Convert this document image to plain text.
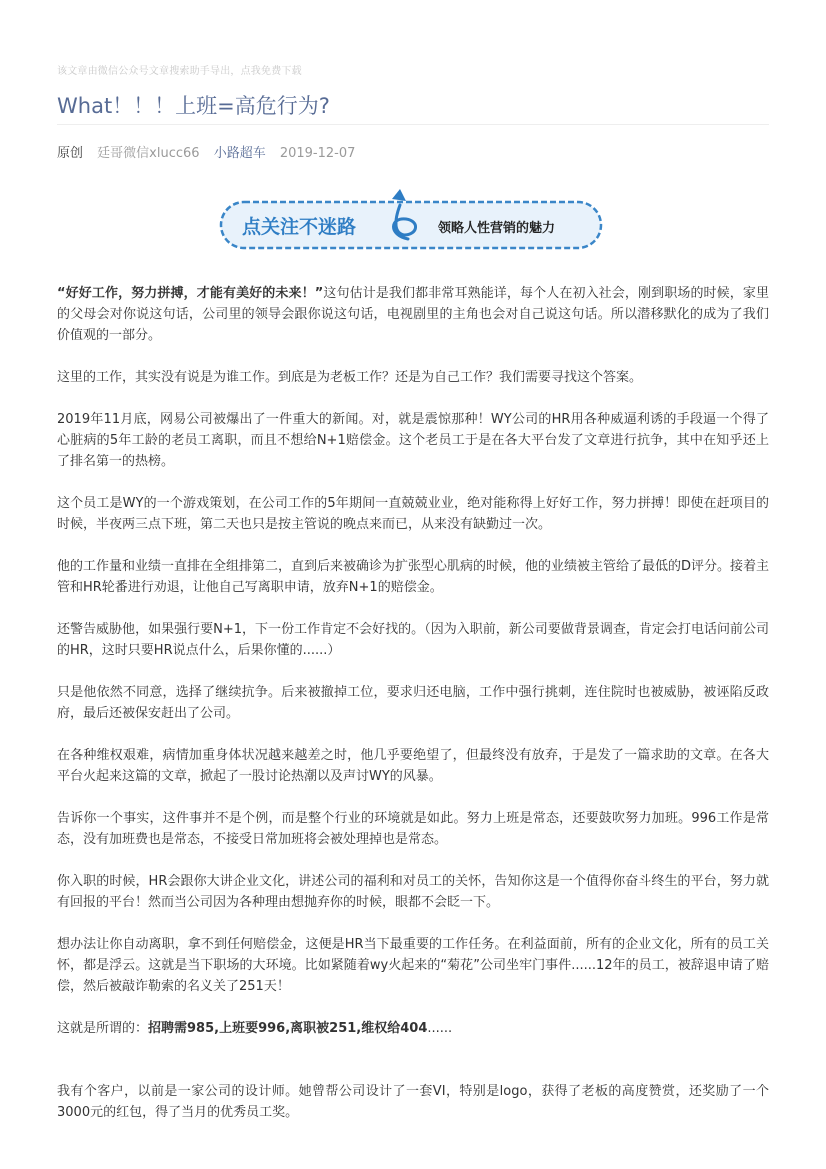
该文章由微信公众号文章搜索助手导出，点我免费下载
What！！！上班=高危行为?
原创 廷哥微信xlucc66 小路超车 2019-12-07
点关注不迷路	领略人性营销的魅力

“好好工作，努力拼搏，才能有美好的未来！”这句估计是我们都非常耳熟能详，每个人在初入社会，刚到职场的时候，家里的父母会对你说这句话，公司里的领导会跟你说这句话，电视剧里的主角也会对自己说这句话。所以潜移默化的成为了我们价值观的一部分。

这里的工作，其实没有说是为谁工作。到底是为老板工作？还是为自己工作？我们需要寻找这个答案。

2019年11月底，网易公司被爆出了一件重大的新闻。对，就是震惊那种！WY公司的HR用各种威逼利诱的手段逼一个得了心脏病的5年工龄的老员工离职，而且不想给N+1赔偿金。这个老员工于是在各大平台发了文章进行抗争，其中在知乎还上了排名第一的热榜。

这个员工是WY的一个游戏策划，在公司工作的5年期间一直兢兢业业，绝对能称得上好好工作，努力拼搏！即使在赶项目的时候，半夜两三点下班，第二天也只是按主管说的晚点来而已，从来没有缺勤过一次。

他的工作量和业绩一直排在全组排第二，直到后来被确诊为扩张型心肌病的时候，他的业绩被主管给了最低的D评分。接着主管和HR轮番进行劝退，让他自己写离职申请，放弃N+1的赔偿金。

还警告威胁他，如果强行要N+1，下一份工作肯定不会好找的。（因为入职前，新公司要做背景调查，肯定会打电话问前公司的HR，这时只要HR说点什么，后果你懂的......）

只是他依然不同意，选择了继续抗争。后来被撤掉工位，要求归还电脑，工作中强行挑刺，连住院时也被威胁，被诬陷反政府，最后还被保安赶出了公司。

在各种维权艰难，病情加重身体状况越来越差之时，他几乎要绝望了，但最终没有放弃，于是发了一篇求助的文章。在各大平台火起来这篇的文章，掀起了一股讨论热潮以及声讨WY的风暴。

告诉你一个事实，这件事并不是个例，而是整个行业的环境就是如此。努力上班是常态，还要鼓吹努力加班。996工作是常态，没有加班费也是常态，不接受日常加班将会被处理掉也是常态。

你入职的时候，HR会跟你大讲企业文化，讲述公司的福利和对员工的关怀，告知你这是一个值得你奋斗终生的平台，努力就有回报的平台！然而当公司因为各种理由想抛弃你的时候，眼都不会眨一下。

想办法让你自动离职，拿不到任何赔偿金，这便是HR当下最重要的工作任务。在利益面前，所有的企业文化，所有的员工关怀，都是浮云。这就是当下职场的大环境。比如紧随着wy火起来的“菊花”公司坐牢门事件......12年的员工，被辞退申请了赔偿，然后被敲诈勒索的名义关了251天！

这就是所谓的：招聘需985,上班要996,离职被251,维权给404......

我有个客户，以前是一家公司的设计师。她曾帮公司设计了一套VI，特别是logo，获得了老板的高度赞赏，还奖励了一个3000元的红包，得了当月的优秀员工奖。
